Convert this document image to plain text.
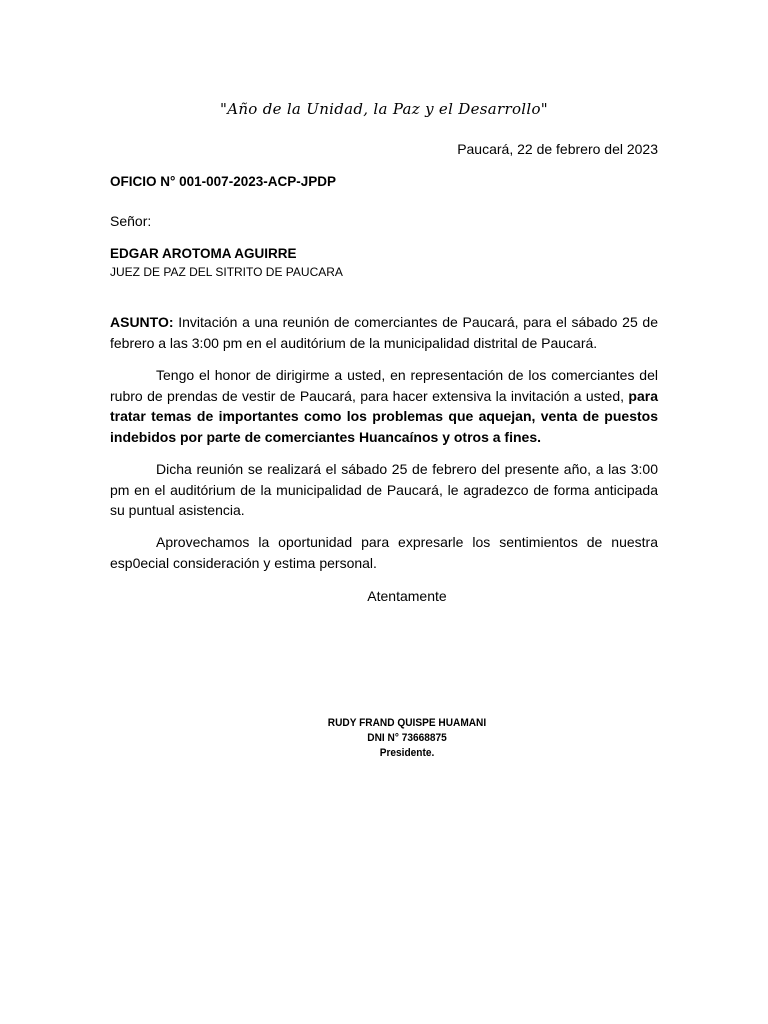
"Año de la Unidad, la Paz y el Desarrollo"
Paucará, 22 de febrero del 2023
OFICIO N° 001-007-2023-ACP-JPDP
Señor:
EDGAR AROTOMA AGUIRRE
JUEZ DE PAZ DEL SITRITO DE PAUCARA

ASUNTO: Invitación a una reunión de comerciantes de Paucará, para el sábado 25 de febrero a las 3:00 pm en el auditórium de la municipalidad distrital de Paucará.

Tengo el honor de dirigirme a usted, en representación de los comerciantes del rubro de prendas de vestir de Paucará, para hacer extensiva la invitación a usted, para tratar temas de importantes como los problemas que aquejan, venta de puestos indebidos por parte de comerciantes Huancaínos y otros a fines.

Dicha reunión se realizará el sábado 25 de febrero del presente año, a las 3:00 pm en el auditórium de la municipalidad de Paucará, le agradezco de forma anticipada su puntual asistencia.

Aprovechamos la oportunidad para expresarle los sentimientos de nuestra esp0ecial consideración y estima personal.

Atentamente
RUDY FRAND QUISPE HUAMANI
DNI N° 73668875
Presidente.
